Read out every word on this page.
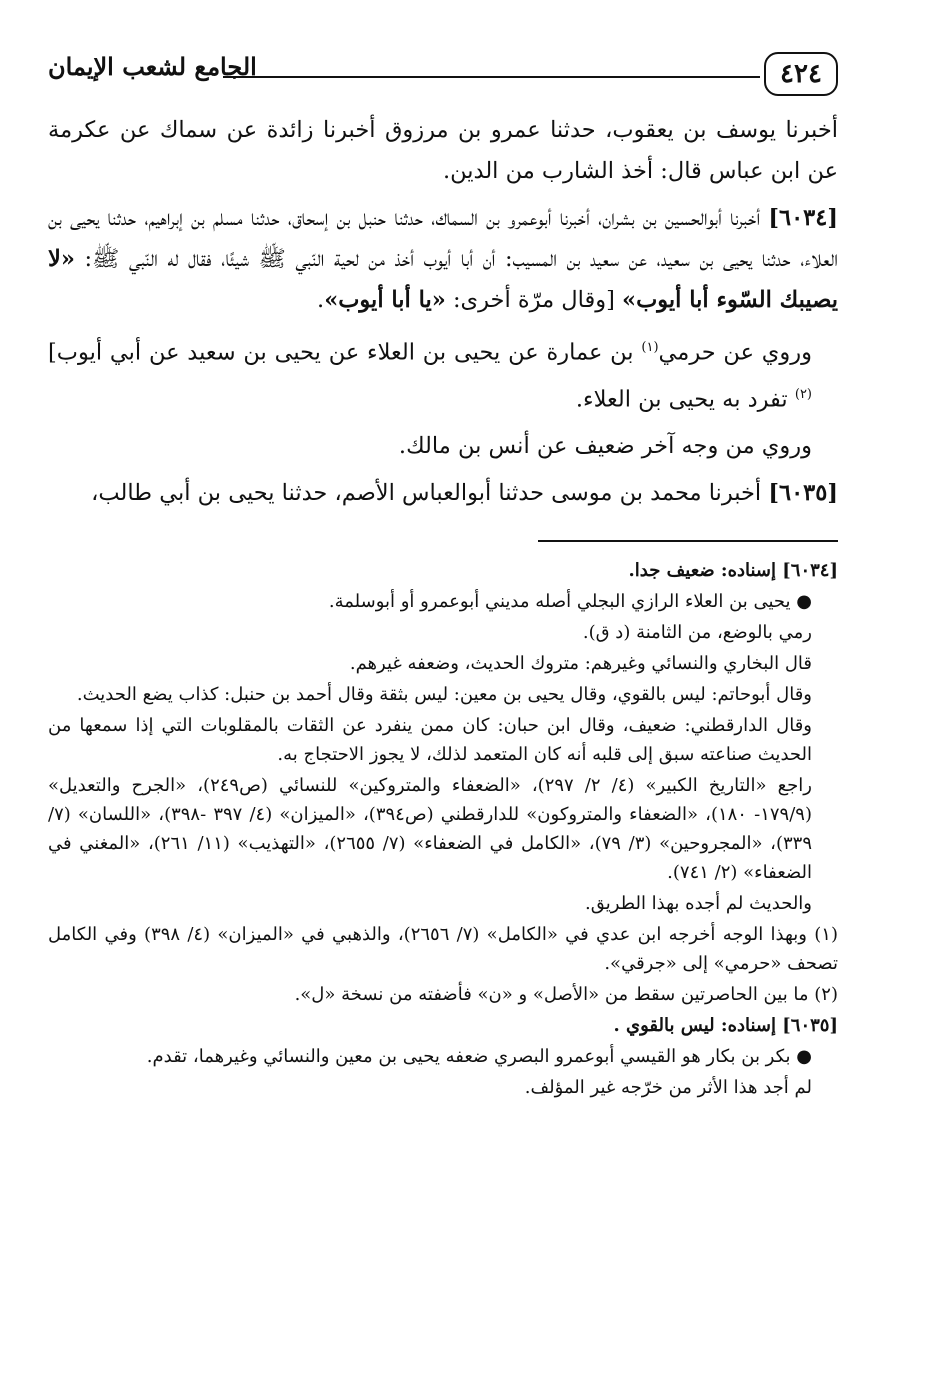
٤٢٤
الجامع لشعب الإيمان

أخبرنا يوسف بن يعقوب، حدثنا عمرو بن مرزوق أخبرنا زائدة عن سماك عن عكرمة عن ابن عباس قال: أخذ الشارب من الدين.

[٦٠٣٤] أخبرنا أبوالحسين بن بشران، أخبرنا أبوعمرو بن السماك، حدثنا حنبل بن إسحاق، حدثنا مسلم بن إبراهيم، حدثنا يحيى بن العلاء، حدثنا يحيى بن سعيد، عن سعيد بن المسيب: أن أبا أيوب أخذ من لحية النّبي ﷺ شيئًا، فقال له النّبي ﷺ: «لا يصيبك السّوء أبا أيوب» [وقال مرّة أخرى: «يا أبا أيوب».

وروي عن حرمي$^{(١)}$ بن عمارة عن يحيى بن العلاء عن يحيى بن سعيد عن أبي أيوب]$^{(٢)}$ تفرد به يحيى بن العلاء.

وروي من وجه آخر ضعيف عن أنس بن مالك.

[٦٠٣٥] أخبرنا محمد بن موسى حدثنا أبوالعباس الأصم، حدثنا يحيى بن أبي طالب،

[٦٠٣٤] إسناده: ضعيف جدا.

● يحيى بن العلاء الرازي البجلي أصله مديني أبوعمرو أو أبوسلمة.

رمي بالوضع، من الثامنة (د ق).

قال البخاري والنسائي وغيرهم: متروك الحديث، وضعفه غيرهم.

وقال أبوحاتم: ليس بالقوي، وقال يحيى بن معين: ليس بثقة وقال أحمد بن حنبل: كذاب يضع الحديث.

وقال الدارقطني: ضعيف، وقال ابن حبان: كان ممن ينفرد عن الثقات بالمقلوبات التي إذا سمعها من الحديث صناعته سبق إلى قلبه أنه كان المتعمد لذلك، لا يجوز الاحتجاج به.

راجع «التاريخ الكبير» (٤/ ٢/ ٢٩٧)، «الضعفاء والمتروكين» للنسائي (ص٢٤٩)، «الجرح والتعديل» (١٧٩/٩- ١٨٠)، «الضعفاء والمتروكون» للدارقطني (ص٣٩٤)، «الميزان» (٤/ ٣٩٧ -٣٩٨)، «اللسان» (٧/ ٣٣٩)، «المجروحين» (٣/ ٧٩)، «الكامل في الضعفاء» (٧/ ٢٦٥٥)، «التهذيب» (١١/ ٢٦١)، «المغني في الضعفاء» (٢/ ٧٤١).

والحديث لم أجده بهذا الطريق.

(١) وبهذا الوجه أخرجه ابن عدي في «الكامل» (٧/ ٢٦٥٦)، والذهبي في «الميزان» (٤/ ٣٩٨) وفي الكامل تصحف «حرمي» إلى «جرقي».

(٢) ما بين الحاصرتين سقط من «الأصل» و «ن» فأضفته من نسخة «ل».

[٦٠٣٥] إسناده: ليس بالقوي .

● بكر بن بكار هو القيسي أبوعمرو البصري ضعفه يحيى بن معين والنسائي وغيرهما، تقدم.

لم أجد هذا الأثر من خرّجه غير المؤلف.
